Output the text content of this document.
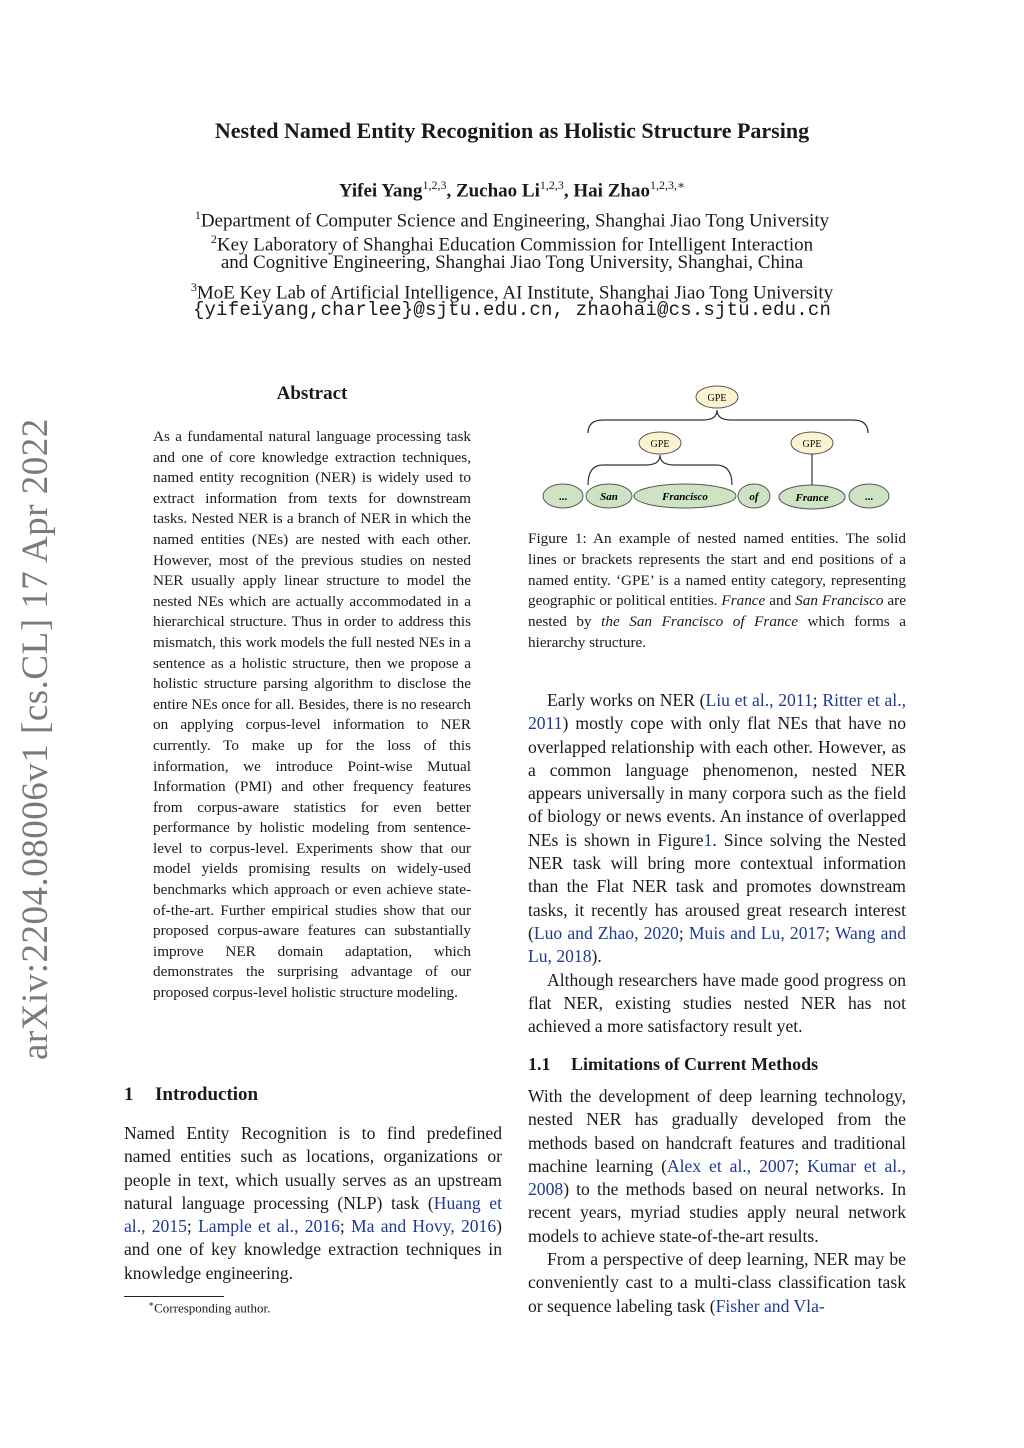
arXiv:2204.08006v1 [cs.CL] 17 Apr 2022
Nested Named Entity Recognition as Holistic Structure Parsing
Yifei Yang$^{1,2,3}$, Zuchao Li$^{1,2,3}$, Hai Zhao$^{1,2,3,∗}$
$^1$Department of Computer Science and Engineering, Shanghai Jiao Tong University
$^2$Key Laboratory of Shanghai Education Commission for Intelligent Interaction
and Cognitive Engineering, Shanghai Jiao Tong University, Shanghai, China
$^3$MoE Key Lab of Artificial Intelligence, AI Institute, Shanghai Jiao Tong University
{yifeiyang,charlee}@sjtu.edu.cn, zhaohai@cs.sjtu.edu.cn
Abstract
As a fundamental natural language processing task and one of core knowledge extraction techniques, named entity recognition (NER) is widely used to extract information from texts for downstream tasks. Nested NER is a branch of NER in which the named entities (NEs) are nested with each other. However, most of the previous studies on nested NER usually apply linear structure to model the nested NEs which are actually accommodated in a hierarchical structure. Thus in order to address this mismatch, this work models the full nested NEs in a sentence as a holistic structure, then we propose a holistic structure parsing algorithm to disclose the entire NEs once for all. Besides, there is no research on applying corpus-level information to NER currently. To make up for the loss of this information, we introduce Point-wise Mutual Information (PMI) and other frequency features from corpus-aware statistics for even better performance by holistic modeling from sentence-level to corpus-level. Experiments show that our model yields promising results on widely-used benchmarks which approach or even achieve state-of-the-art. Further empirical studies show that our proposed corpus-aware features can substantially improve NER domain adaptation, which demonstrates the surprising advantage of our proposed corpus-level holistic structure modeling.
1 Introduction

Named Entity Recognition is to find predefined named entities such as locations, organizations or people in text, which usually serves as an upstream natural language processing (NLP) task (Huang et al., 2015; Lample et al., 2016; Ma and Hovy, 2016) and one of key knowledge extraction techniques in knowledge engineering.

∗Corresponding author.
GPE
GPE	GPE
...	San	Francisco	of	France	...
Figure 1: An example of nested named entities. The solid lines or brackets represents the start and end positions of a named entity. ‘GPE’ is a named entity category, representing geographic or political entities. France and San Francisco are nested by the San Francisco of France which forms a hierarchy structure.

Early works on NER (Liu et al., 2011; Ritter et al., 2011) mostly cope with only flat NEs that have no overlapped relationship with each other. However, as a common language phenomenon, nested NER appears universally in many corpora such as the field of biology or news events. An instance of overlapped NEs is shown in Figure1. Since solving the Nested NER task will bring more contextual information than the Flat NER task and promotes downstream tasks, it recently has aroused great research interest (Luo and Zhao, 2020; Muis and Lu, 2017; Wang and Lu, 2018).

Although researchers have made good progress on flat NER, existing studies nested NER has not achieved a more satisfactory result yet.

1.1 Limitations of Current Methods

With the development of deep learning technology, nested NER has gradually developed from the methods based on handcraft features and traditional machine learning (Alex et al., 2007; Kumar et al., 2008) to the methods based on neural networks. In recent years, myriad studies apply neural network models to achieve state-of-the-art results.

From a perspective of deep learning, NER may be conveniently cast to a multi-class classification task or sequence labeling task (Fisher and Vla-
